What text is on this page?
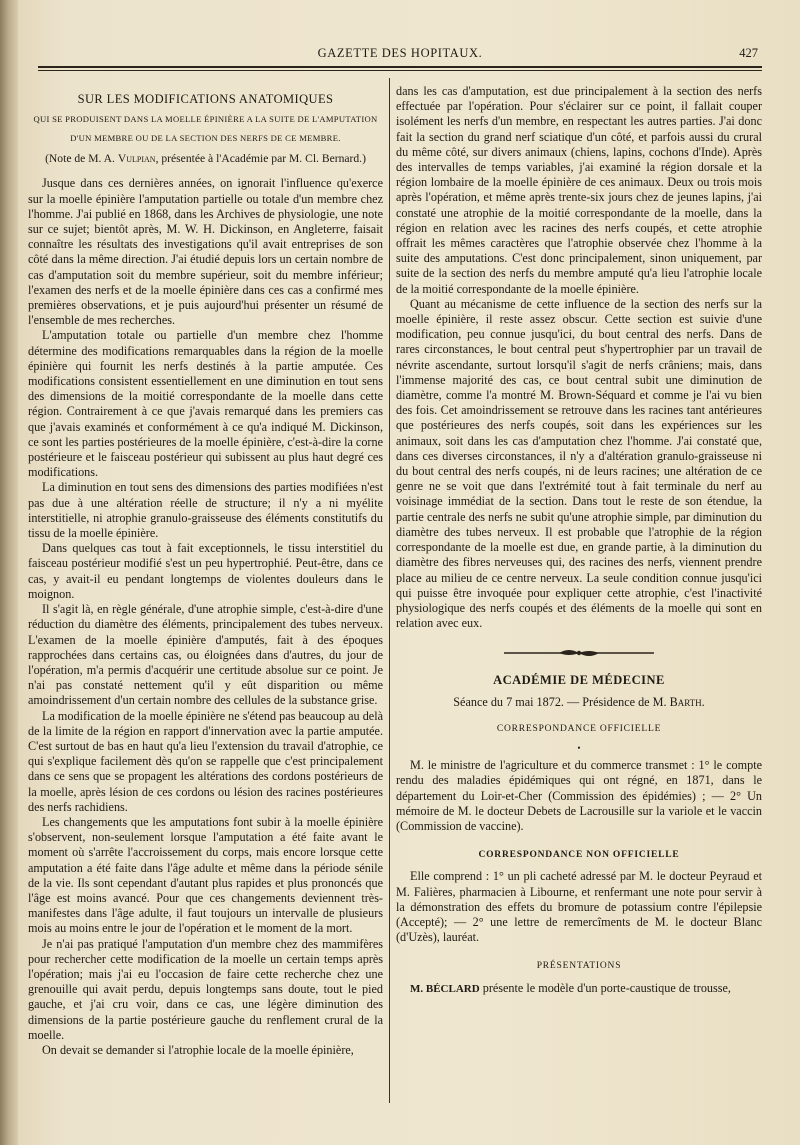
GAZETTE DES HOPITAUX.	427
SUR LES MODIFICATIONS ANATOMIQUES
QUI SE PRODUISENT DANS LA MOELLE ÉPINIÈRE A LA SUITE DE L'AMPUTATION
D'UN MEMBRE OU DE LA SECTION DES NERFS DE CE MEMBRE.
(Note de M. A. Vulpian, présentée à l'Académie par M. Cl. Bernard.)

Jusque dans ces dernières années, on ignorait l'influence qu'exerce sur la moelle épinière l'amputation partielle ou totale d'un membre chez l'homme. J'ai publié en 1868, dans les Archives de physiologie, une note sur ce sujet; bientôt après, M. W. H. Dickinson, en Angleterre, faisait connaître les résultats des investigations qu'il avait entreprises de son côté dans la même direction. J'ai étudié depuis lors un certain nombre de cas d'amputation soit du membre supérieur, soit du membre inférieur; l'examen des nerfs et de la moelle épinière dans ces cas a confirmé mes premières observations, et je puis aujourd'hui présenter un résumé de l'ensemble de mes recherches.

L'amputation totale ou partielle d'un membre chez l'homme détermine des modifications remarquables dans la région de la moelle épinière qui fournit les nerfs destinés à la partie amputée. Ces modifications consistent essentiellement en une diminution en tout sens des dimensions de la moitié correspondante de la moelle dans cette région. Contrairement à ce que j'avais remarqué dans les premiers cas que j'avais examinés et conformément à ce qu'a indiqué M. Dickinson, ce sont les parties postérieures de la moelle épinière, c'est-à-dire la corne postérieure et le faisceau postérieur qui subissent au plus haut degré ces modifications.

La diminution en tout sens des dimensions des parties modifiées n'est pas due à une altération réelle de structure; il n'y a ni myélite interstitielle, ni atrophie granulo-graisseuse des éléments constitutifs du tissu de la moelle épinière.

Dans quelques cas tout à fait exceptionnels, le tissu interstitiel du faisceau postérieur modifié s'est un peu hypertrophié. Peut-être, dans ce cas, y avait-il eu pendant longtemps de violentes douleurs dans le moignon.

Il s'agit là, en règle générale, d'une atrophie simple, c'est-à-dire d'une réduction du diamètre des éléments, principalement des tubes nerveux. L'examen de la moelle épinière d'amputés, fait à des époques rapprochées dans certains cas, ou éloignées dans d'autres, du jour de l'opération, m'a permis d'acquérir une certitude absolue sur ce point. Je n'ai pas constaté nettement qu'il y eût disparition ou même amoindrissement d'un certain nombre des cellules de la substance grise.

La modification de la moelle épinière ne s'étend pas beaucoup au delà de la limite de la région en rapport d'innervation avec la partie amputée. C'est surtout de bas en haut qu'a lieu l'extension du travail d'atrophie, ce qui s'explique facilement dès qu'on se rappelle que c'est principalement dans ce sens que se propagent les altérations des cordons postérieurs de la moelle, après lésion de ces cordons ou lésion des racines postérieures des nerfs rachidiens.

Les changements que les amputations font subir à la moelle épinière s'observent, non-seulement lorsque l'amputation a été faite avant le moment où s'arrête l'accroissement du corps, mais encore lorsque cette amputation a été faite dans l'âge adulte et même dans la période sénile de la vie. Ils sont cependant d'autant plus rapides et plus prononcés que l'âge est moins avancé. Pour que ces changements deviennent très-manifestes dans l'âge adulte, il faut toujours un intervalle de plusieurs mois au moins entre le jour de l'opération et le moment de la mort.

Je n'ai pas pratiqué l'amputation d'un membre chez des mammifères pour rechercher cette modification de la moelle un certain temps après l'opération; mais j'ai eu l'occasion de faire cette recherche chez une grenouille qui avait perdu, depuis longtemps sans doute, tout le pied gauche, et j'ai cru voir, dans ce cas, une légère diminution des dimensions de la partie postérieure gauche du renflement crural de la moelle.

On devait se demander si l'atrophie locale de la moelle épinière,

dans les cas d'amputation, est due principalement à la section des nerfs effectuée par l'opération. Pour s'éclairer sur ce point, il fallait couper isolément les nerfs d'un membre, en respectant les autres parties. J'ai donc fait la section du grand nerf sciatique d'un côté, et parfois aussi du crural du même côté, sur divers animaux (chiens, lapins, cochons d'Inde). Après des intervalles de temps variables, j'ai examiné la région dorsale et la région lombaire de la moelle épinière de ces animaux. Deux ou trois mois après l'opération, et même après trente-six jours chez de jeunes lapins, j'ai constaté une atrophie de la moitié correspondante de la moelle, dans la région en relation avec les racines des nerfs coupés, et cette atrophie offrait les mêmes caractères que l'atrophie observée chez l'homme à la suite des amputations. C'est donc principalement, sinon uniquement, par suite de la section des nerfs du membre amputé qu'a lieu l'atrophie locale de la moitié correspondante de la moelle épinière.

Quant au mécanisme de cette influence de la section des nerfs sur la moelle épinière, il reste assez obscur. Cette section est suivie d'une modification, peu connue jusqu'ici, du bout central des nerfs. Dans de rares circonstances, le bout central peut s'hypertrophier par un travail de névrite ascendante, surtout lorsqu'il s'agit de nerfs crâniens; mais, dans l'immense majorité des cas, ce bout central subit une diminution de diamètre, comme l'a montré M. Brown-Séquard et comme je l'ai vu bien des fois. Cet amoindrissement se retrouve dans les racines tant antérieures que postérieures des nerfs coupés, soit dans les expériences sur les animaux, soit dans les cas d'amputation chez l'homme. J'ai constaté que, dans ces diverses circonstances, il n'y a d'altération granulo-graisseuse ni du bout central des nerfs coupés, ni de leurs racines; une altération de ce genre ne se voit que dans l'extrémité tout à fait terminale du nerf au voisinage immédiat de la section. Dans tout le reste de son étendue, la partie centrale des nerfs ne subit qu'une atrophie simple, par diminution du diamètre des tubes nerveux. Il est probable que l'atrophie de la région correspondante de la moelle est due, en grande partie, à la diminution du diamètre des fibres nerveuses qui, des racines des nerfs, viennent prendre place au milieu de ce centre nerveux. La seule condition connue jusqu'ici qui puisse être invoquée pour expliquer cette atrophie, c'est l'inactivité physiologique des nerfs coupés et des éléments de la moelle qui sont en relation avec eux.

ACADÉMIE DE MÉDECINE
Séance du 7 mai 1872. — Présidence de M. Barth.
CORRESPONDANCE OFFICIELLE
•

M. le ministre de l'agriculture et du commerce transmet : 1° le compte rendu des maladies épidémiques qui ont régné, en 1871, dans le département du Loir-et-Cher (Commission des épidémies) ; — 2° Un mémoire de M. le docteur Debets de Lacrousille sur la variole et le vaccin (Commission de vaccine).

CORRESPONDANCE NON OFFICIELLE

Elle comprend : 1° un pli cacheté adressé par M. le docteur Peyraud et M. Falières, pharmacien à Libourne, et renfermant une note pour servir à la démonstration des effets du bromure de potassium contre l'épilepsie (Accepté); — 2° une lettre de remercîments de M. le docteur Blanc (d'Uzès), lauréat.

PRÉSENTATIONS

M. BÉCLARD présente le modèle d'un porte-caustique de trousse,
